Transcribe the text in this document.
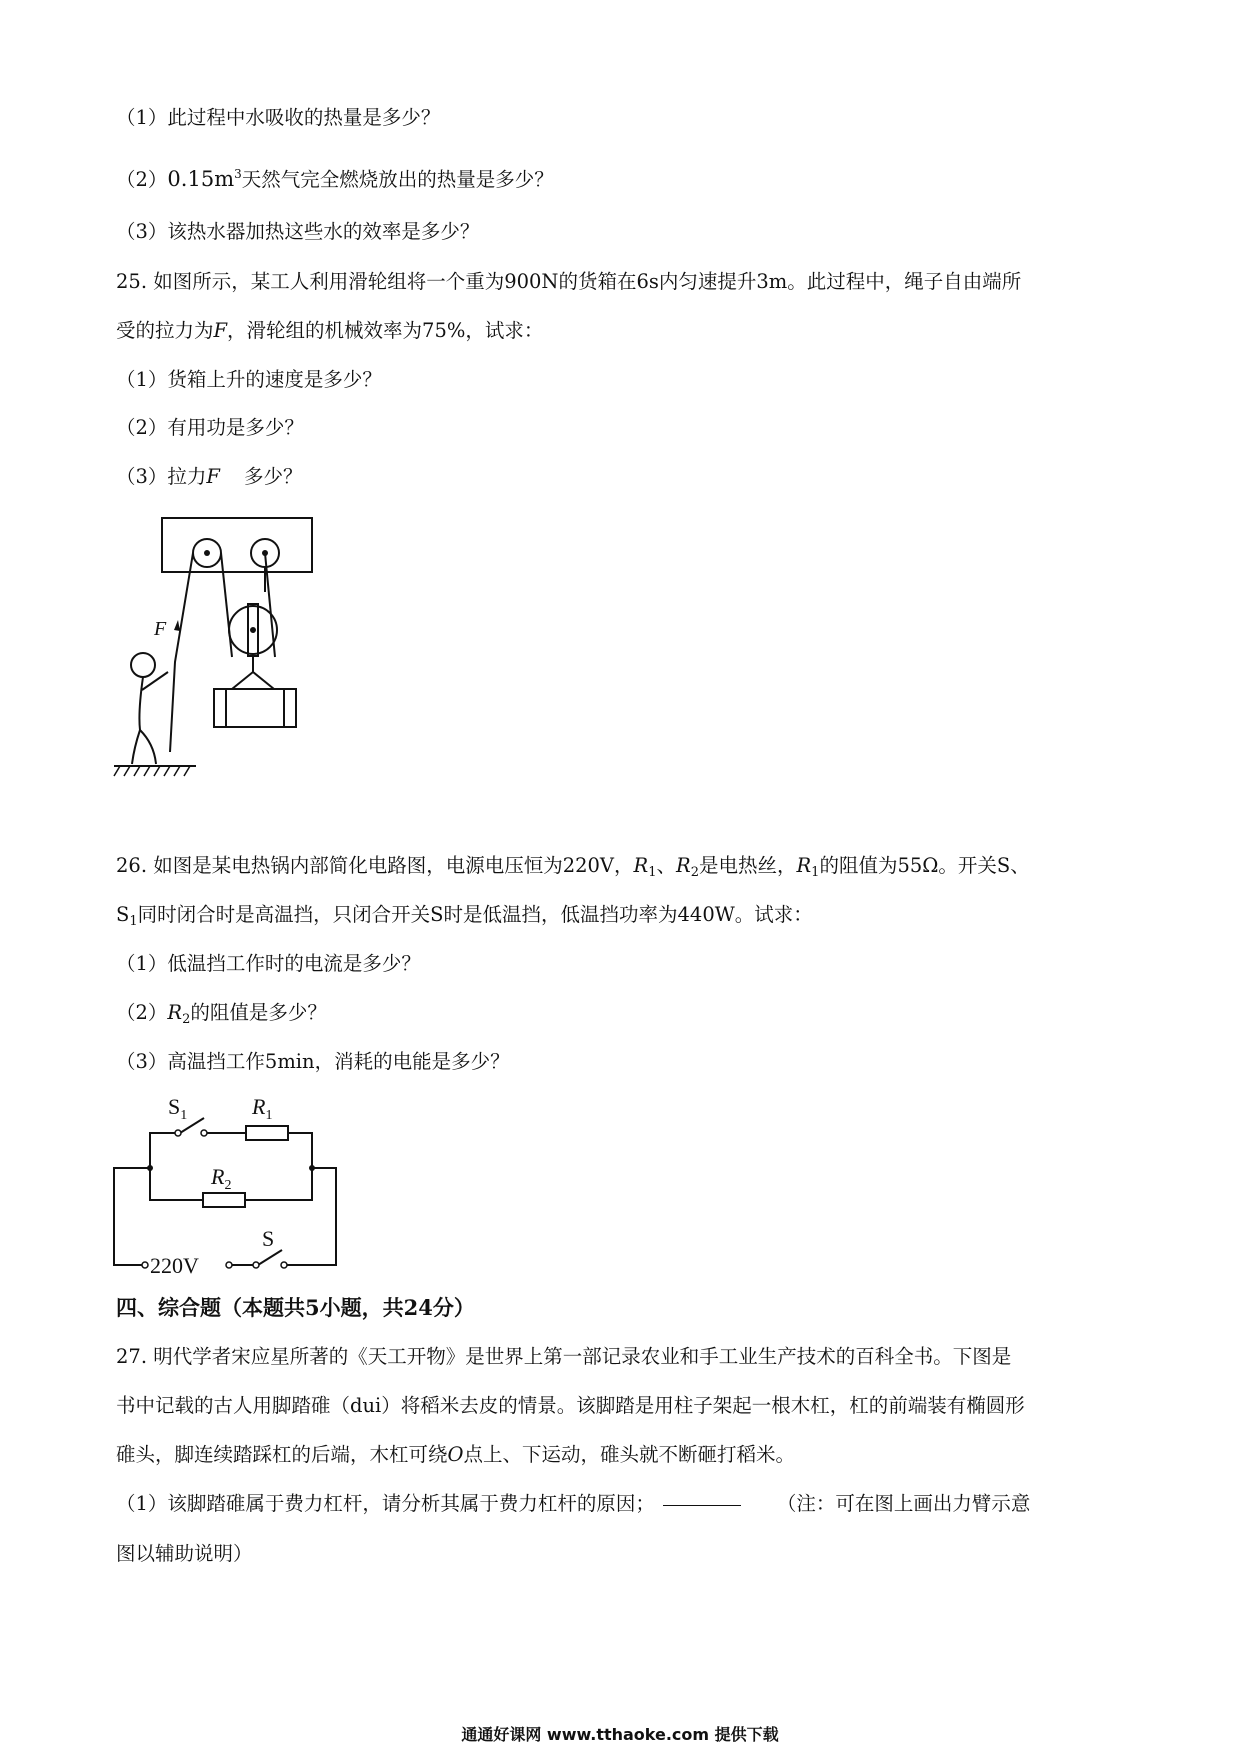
（1）此过程中水吸收的热量是多少？
$(2)0.15m^3$天然气完全燃烧放出的热量是多少？
（3）该热水器加热这些水的效率是多少？
25. 如图所示，某工人利用滑轮组将一个重为900N的货箱在6s内匀速提升3m。此过程中，绳子自由端所
受的拉力为F，滑轮组的机械效率为75%，试求：
（1）货箱上升的速度是多少？
（2）有用功是多少？
（3）拉力F 多少？
F
26. 如图是某电热锅内部简化电路图，电源电压恒为220V，$R_1$、$R_2$是电热丝，$R_1$的阻值为55Ω。开关S、
$S_1$同时闭合时是高温挡，只闭合开关S时是低温挡，低温挡功率为440W。试求：
（1）低温挡工作时的电流是多少？
$(2)R_2$的阻值是多少？
（3）高温挡工作5min，消耗的电能是多少？
$S_1$	$R_1$
$R_2$
220V
S
四、综合题（本题共5小题，共24分）
27. 明代学者宋应星所著的《天工开物》是世界上第一部记录农业和手工业生产技术的百科全书。下图是
书中记载的古人用脚踏碓（dui）将稻米去皮的情景。该脚踏是用柱子架起一根木杠，杠的前端装有椭圆形
碓头，脚连续踏踩杠的后端，木杠可绕O点上、下运动，碓头就不断砸打稻米。
（1）该脚踏碓属于费力杠杆，请分析其属于费力杠杆的原因；	（注：可在图上画出力臂示意
图以辅助说明）
通通好课网 www.tthaoke.com 提供下载
